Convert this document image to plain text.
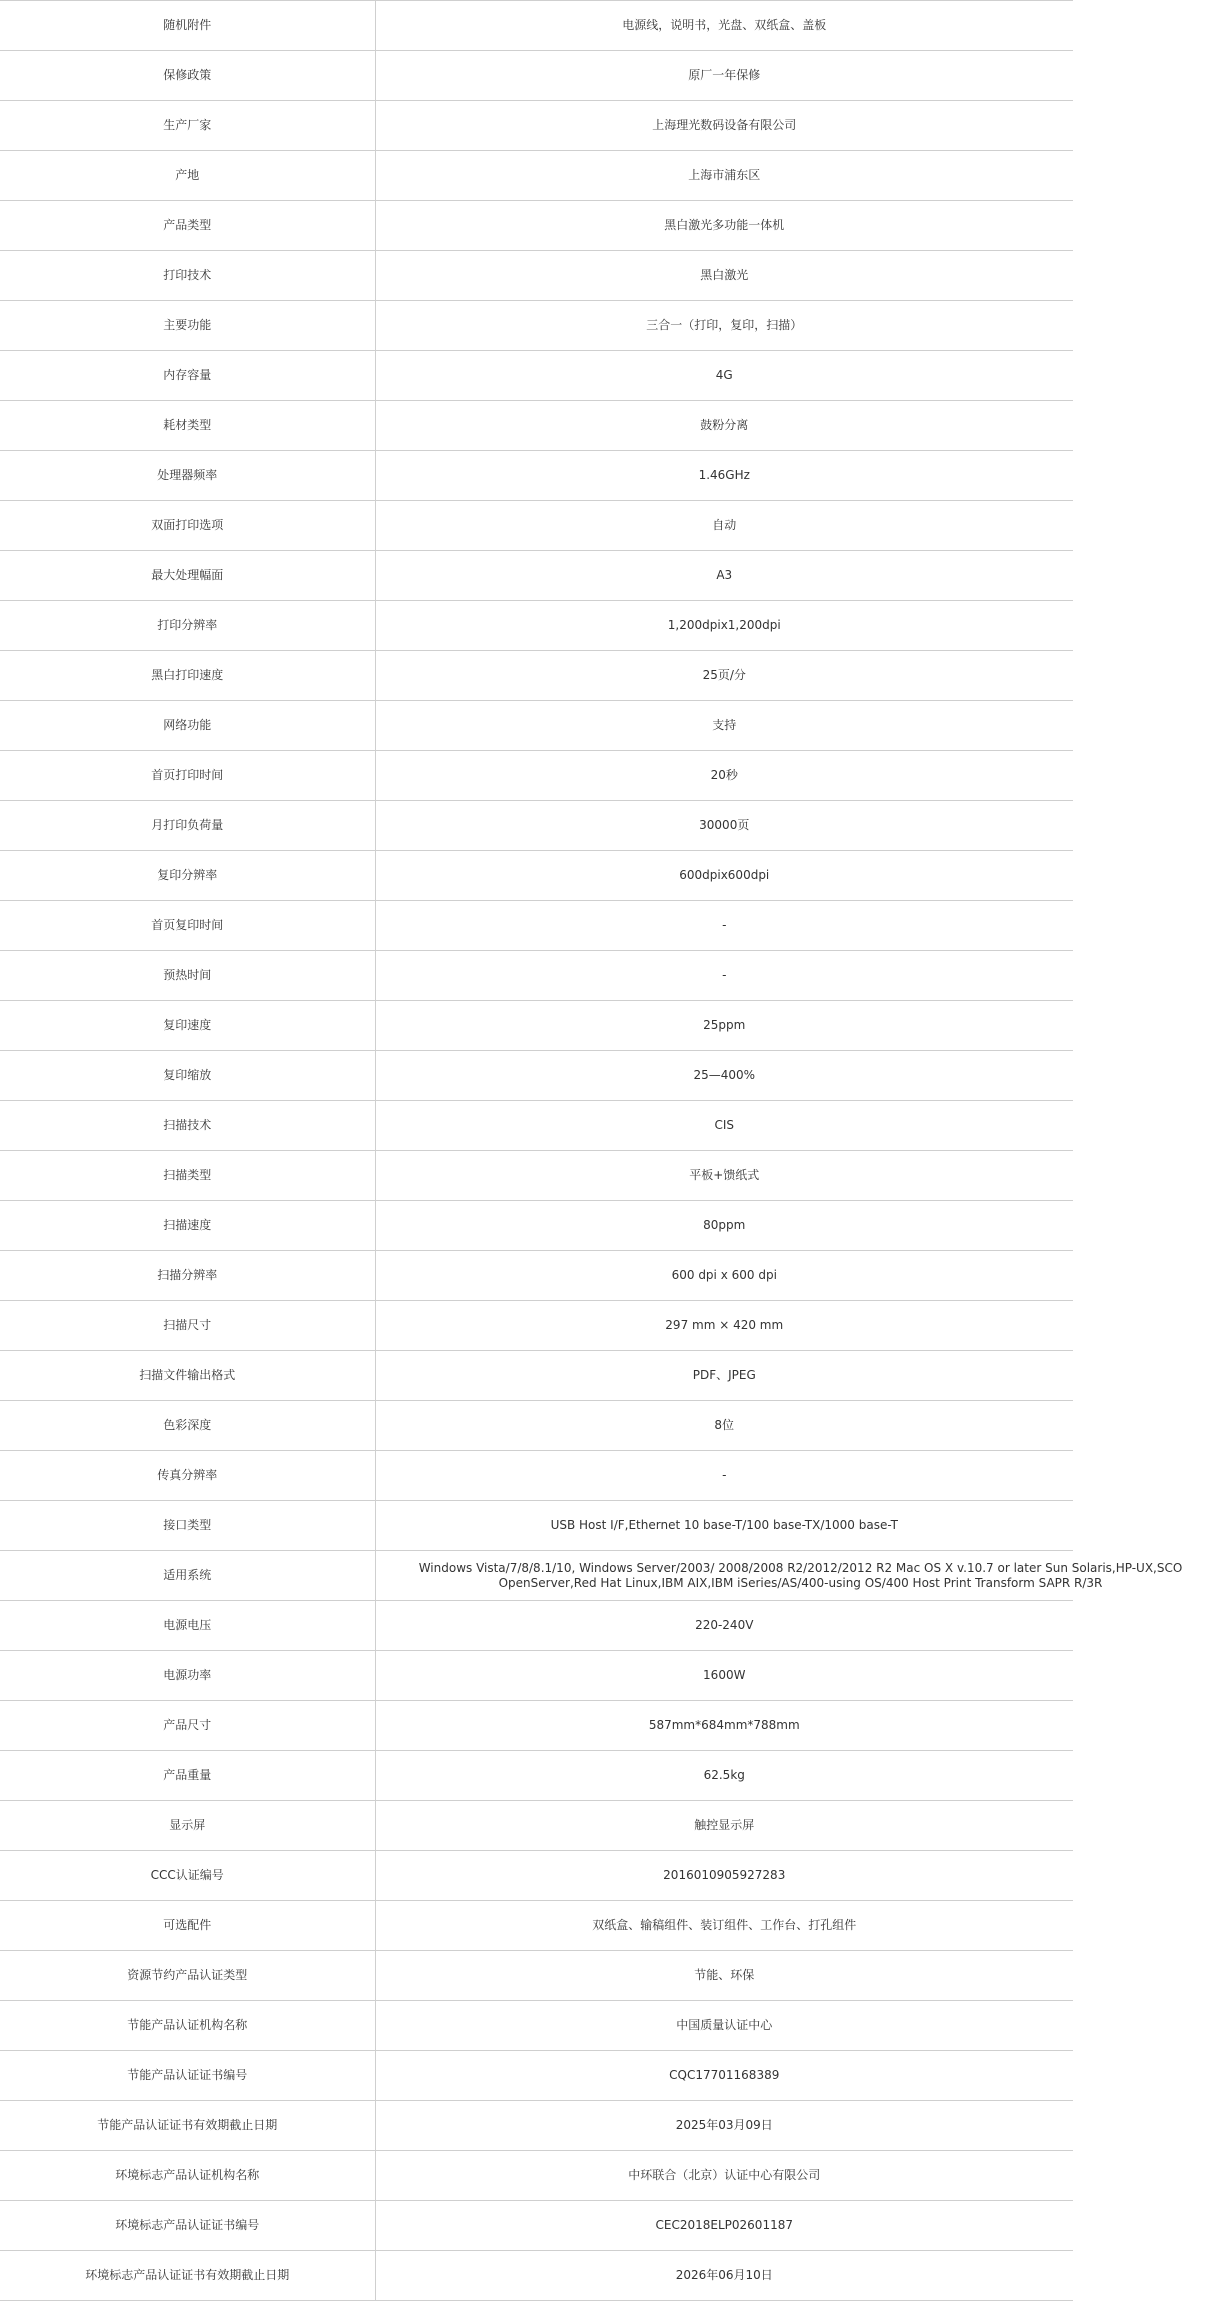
随机附件	电源线，说明书，光盘、双纸盒、盖板
保修政策	原厂一年保修
生产厂家	上海理光数码设备有限公司
产地	上海市浦东区
产品类型	黑白激光多功能一体机
打印技术	黑白激光
主要功能	三合一（打印，复印，扫描）
内存容量	4G
耗材类型	鼓粉分离
处理器频率	1.46GHz
双面打印选项	自动
最大处理幅面	A3
打印分辨率	1,200dpix1,200dpi
黑白打印速度	25页/分
网络功能	支持
首页打印时间	20秒
月打印负荷量	30000页
复印分辨率	600dpix600dpi
首页复印时间	-
预热时间	-
复印速度	25ppm
复印缩放	25—400%
扫描技术	CIS
扫描类型	平板+馈纸式
扫描速度	80ppm
扫描分辨率	600 dpi x 600 dpi
扫描尺寸	297 mm × 420 mm
扫描文件输出格式	PDF、JPEG
色彩深度	8位
传真分辨率	-
接口类型	USB Host I/F,Ethernet 10 base-T/100 base-TX/1000 base-T
适用系统	Windows Vista/7/8/8.1/10, Windows Server/2003/ 2008/2008 R2/2012/2012 R2 Mac OS X v.10.7 or later Sun Solaris,HP-UX,SCO OpenServer,Red Hat Linux,IBM AIX,IBM iSeries/AS/400-using OS/400 Host Print Transform SAPR R/3R

电源电压	220-240V
电源功率	1600W
产品尺寸	587mm*684mm*788mm
产品重量	62.5kg
显示屏	触控显示屏
CCC认证编号	2016010905927283
可选配件	双纸盒、输稿组件、装订组件、工作台、打孔组件
资源节约产品认证类型	节能、环保
节能产品认证机构名称	中国质量认证中心
节能产品认证证书编号	CQC17701168389
节能产品认证证书有效期截止日期	2025年03月09日
环境标志产品认证机构名称	中环联合（北京）认证中心有限公司
环境标志产品认证证书编号	CEC2018ELP02601187
环境标志产品认证证书有效期截止日期	2026年06月10日
